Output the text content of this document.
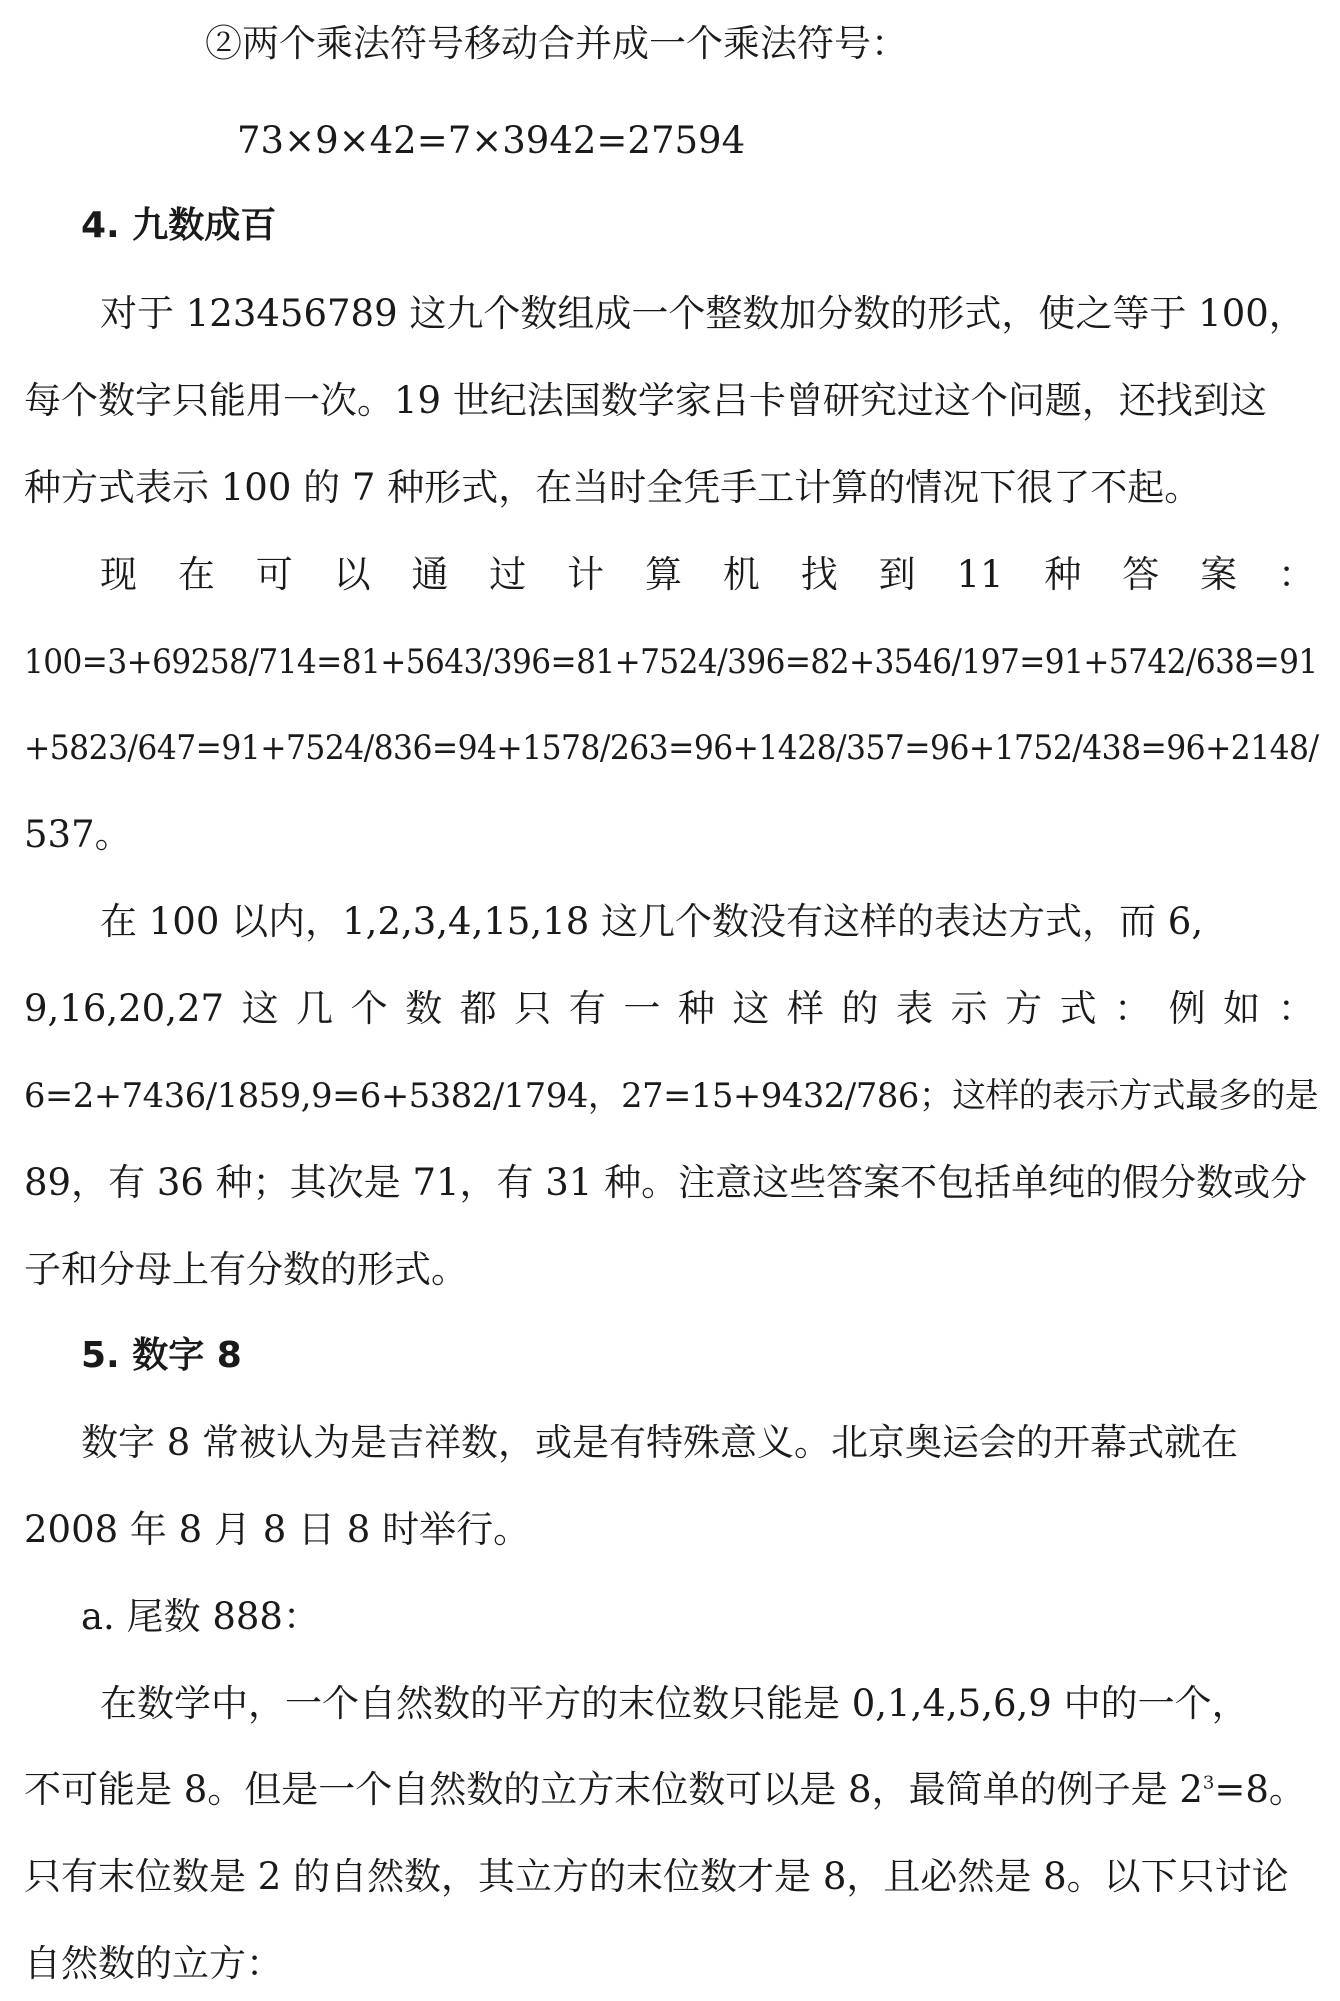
②两个乘法符号移动合并成一个乘法符号：
73×9×42=7×3942=27594
4. 九数成百
对于 123456789 这九个数组成一个整数加分数的形式，使之等于 100，
每个数字只能用一次。19 世纪法国数学家吕卡曾研究过这个问题，还找到这
种方式表示 100 的 7 种形式，在当时全凭手工计算的情况下很了不起。
现 在 可 以 通 过 计 算 机 找 到 11 种 答 案 ：
100=3+69258/714=81+5643/396=81+7524/396=82+3546/197=91+5742/638=91
+5823/647=91+7524/836=94+1578/263=96+1428/357=96+1752/438=96+2148/
537。
在 100 以内，1,2,3,4,15,18 这几个数没有这样的表达方式，而 6,
9,16,20,27 这 几 个 数 都 只 有 一 种 这 样 的 表 示 方 式 ： 例 如 ：
6=2+7436/1859,9=6+5382/1794，27=15+9432/786；这样的表示方式最多的是
89，有 36 种；其次是 71，有 31 种。注意这些答案不包括单纯的假分数或分
子和分母上有分数的形式。
5. 数字 8
数字 8 常被认为是吉祥数，或是有特殊意义。北京奥运会的开幕式就在
2008 年 8 月 8 日 8 时举行。
a. 尾数 888：
在数学中，一个自然数的平方的末位数只能是 0,1,4,5,6,9 中的一个，
不可能是 8。但是一个自然数的立方末位数可以是 8，最简单的例子是 $2^3=8$。
只有末位数是 2 的自然数，其立方的末位数才是 8，且必然是 8。以下只讨论
自然数的立方：
